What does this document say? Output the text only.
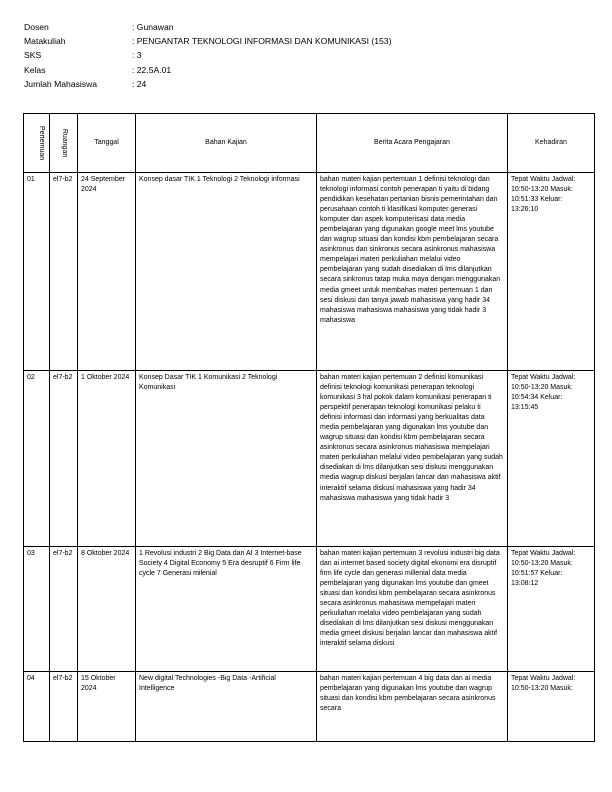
Dosen	: Gunawan
Matakuliah	: PENGANTAR TEKNOLOGI INFORMASI DAN KOMUNIKASI (153)
SKS	: 3
Kelas	: 22.5A.01
Jumlah Mahasiswa	: 24
Pertemuan	Ruangan	Tanggal	Bahan Kajian	Berita Acara Pengajaran	Kehadiran
01	el7-b2	24 September 2024	Konsep dasar TIK 1 Teknologi 2 Teknologi informasi	bahan materi kajian pertemuan 1 definisi teknologi dan teknologi informasi contoh penerapan ti yaitu di bidang pendidikan kesehatan pertanian bisnis pemerintahan dan perusahaan contoh ti klasifikasi komputer generasi komputer dan aspek komputerisasi data media pembelajaran yang digunakan google meet lms youtube dan wagrup situasi dan kondisi kbm pembelajaran secara asinkronus dan sinkronus secara asinkronus mahasiswa mempelajari materi perkuliahan melalui video pembelajaran yang sudah disediakan di lms dilanjutkan secara sinkronus tatap muka maya dengan menggunakan media gmeet untuk membahas materi pertemuan 1 dan sesi diskusi dan tanya jawab mahasiswa yang hadir 34 mahasiswa mahasiswa mahasiswa yang tidak hadir 3 mahasiswa	Tepat Waktu Jadwal: 10:50-13:20 Masuk: 10:51:33 Keluar: 13:26:10
02	el7-b2	1 Oktober 2024	Konsep Dasar TIK 1 Komunikasi 2 Teknologi Komunikasi	bahan materi kajian pertemuan 2 definisi komunikasi definisi teknologi komunikasi penerapan teknologi komunikasi 3 hal pokok dalam komunikasi penerapan ti perspektif penerapan teknologi komunikasi pelaku ti definisi informasi dan informasi yang berkualitas data media pembelajaran yang digunakan lms youtube dan wagrup situasi dan kondisi kbm pembelajaran secara asinkronus secara asinkronus mahasiswa mempelajari materi perkuliahan melalui video pembelajaran yang sudah disediakan di lms dilanjutkan sesi diskusi menggunakan media wagrup diskusi berjalan lancar dan mahasiswa aktif interaktif selama diskusi mahasiswa yang hadir 34 mahasiswa mahasiswa yang tidak hadir 3	Tepat Waktu Jadwal: 10:50-13:20 Masuk: 10:54:34 Keluar: 13:15:45
03	el7-b2	8 Oktober 2024	1 Revolusi industri 2 Big Data dan AI 3 Internet-base Society 4 Digital Economy 5 Era desruptif 6 Firm life cycle 7 Generasi milenial	bahan materi kajian pertemuan 3 revolusi industri big data dan ai internet based society digital ekonomi era disruptif firm life cycle dan generasi millenial data media pembelajaran yang digunakan lms youtube dan gmeet situasi dan kondisi kbm pembelajaran secara asinkronus secara asinkronus mahasiswa mempelajari materi perkuliahan melalui video pembelajaran yang sudah disediakan di lms dilanjutkan sesi diskusi menggunakan media gmeet diskusi berjalan lancar dan mahasiswa aktif interaktif selama diskusi	Tepat Waktu Jadwal: 10:50-13:20 Masuk: 10:51:57 Keluar: 13:08:12
04	el7-b2	15 Oktober 2024	New digital Technologies -Big Data -Artificial Intelligence	bahan materi kajian pertemuan 4 big data dan ai media pembelajaran yang digunakan lms youtube dan wagrup situasi dan kondisi kbm pembelajaran secara asinkronus secara	Tepat Waktu Jadwal: 10:50-13:20 Masuk:
